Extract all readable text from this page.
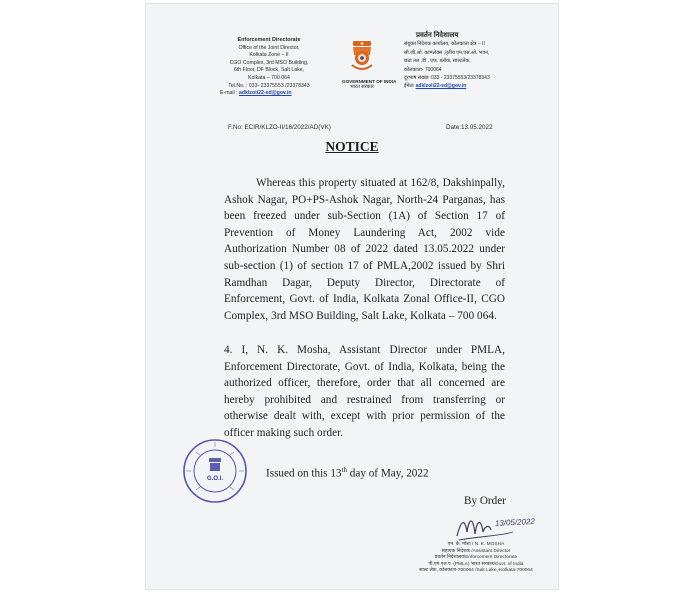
Enforcement Directorate
Office of the Joint Director,
Kolkata Zone – II
CGO Complex, 3rd MSO Building,
6th Floor, DF Block, Salt Lake,
Kolkata – 700 064
Tel.No. : 033- 23375553 /23378343
E-mail : adklzoii22-ed@gov.in
GOVERNMENT OF INDIA
भारत सरकार
प्रवर्तन निदेशालय
संयुक्त निदेशक कार्यालय, कोलकाता क्षेत्र – II
सी.जी.ओ. काम्प्लेक्स ,तृतीय एम.एस.ओ. भवन,
छठा तल ,डी . एफ. ब्लॉक, साल्टलेक,
कोलकाता- 700064
दूरभाष संख्या: 033 - 23375553/23378343
ईमेल: adklzoii22-ed@gov.in
F.No: ECIR/KLZO-II/16/2022/AD(VK)	Date:13.05.2022
NOTICE
Whereas this property situated at 162/8, Dakshinpally, Ashok Nagar, PO+PS-Ashok Nagar, North-24 Parganas, has been freezed under sub-Section (1A) of Section 17 of Prevention of Money Laundering Act, 2002 vide Authorization Number 08 of 2022 dated 13.05.2022 under sub-section (1) of section 17 of PMLA,2002 issued by Shri Ramdhan Dagar, Deputy Director, Directorate of Enforcement, Govt. of India, Kolkata Zonal Office-II, CGO Complex, 3rd MSO Building, Salt Lake, Kolkata – 700 064.
4. I, N. K. Mosha, Assistant Director under PMLA, Enforcement Directorate, Govt. of India, Kolkata, being the authorized officer, therefore, order that all concerned are hereby prohibited and restrained from transferring or otherwise dealt with, except with prior permission of the officer making such order.
G.O.I.	Issued on this 13th day of May, 2022
By Order
13/05/2022
एन. के. मोशा / N. K. MOSHA
सहायक निदेशक /Assistant Director
प्रवर्तन निदेशालय/Enforcement Directorate
पी.एम.एल.ए. (PMLA) भारत सरकार/Govt. of India
साल्ट लेक, कोलकाता-700064 /Salt Lake, Kolkata-700064
